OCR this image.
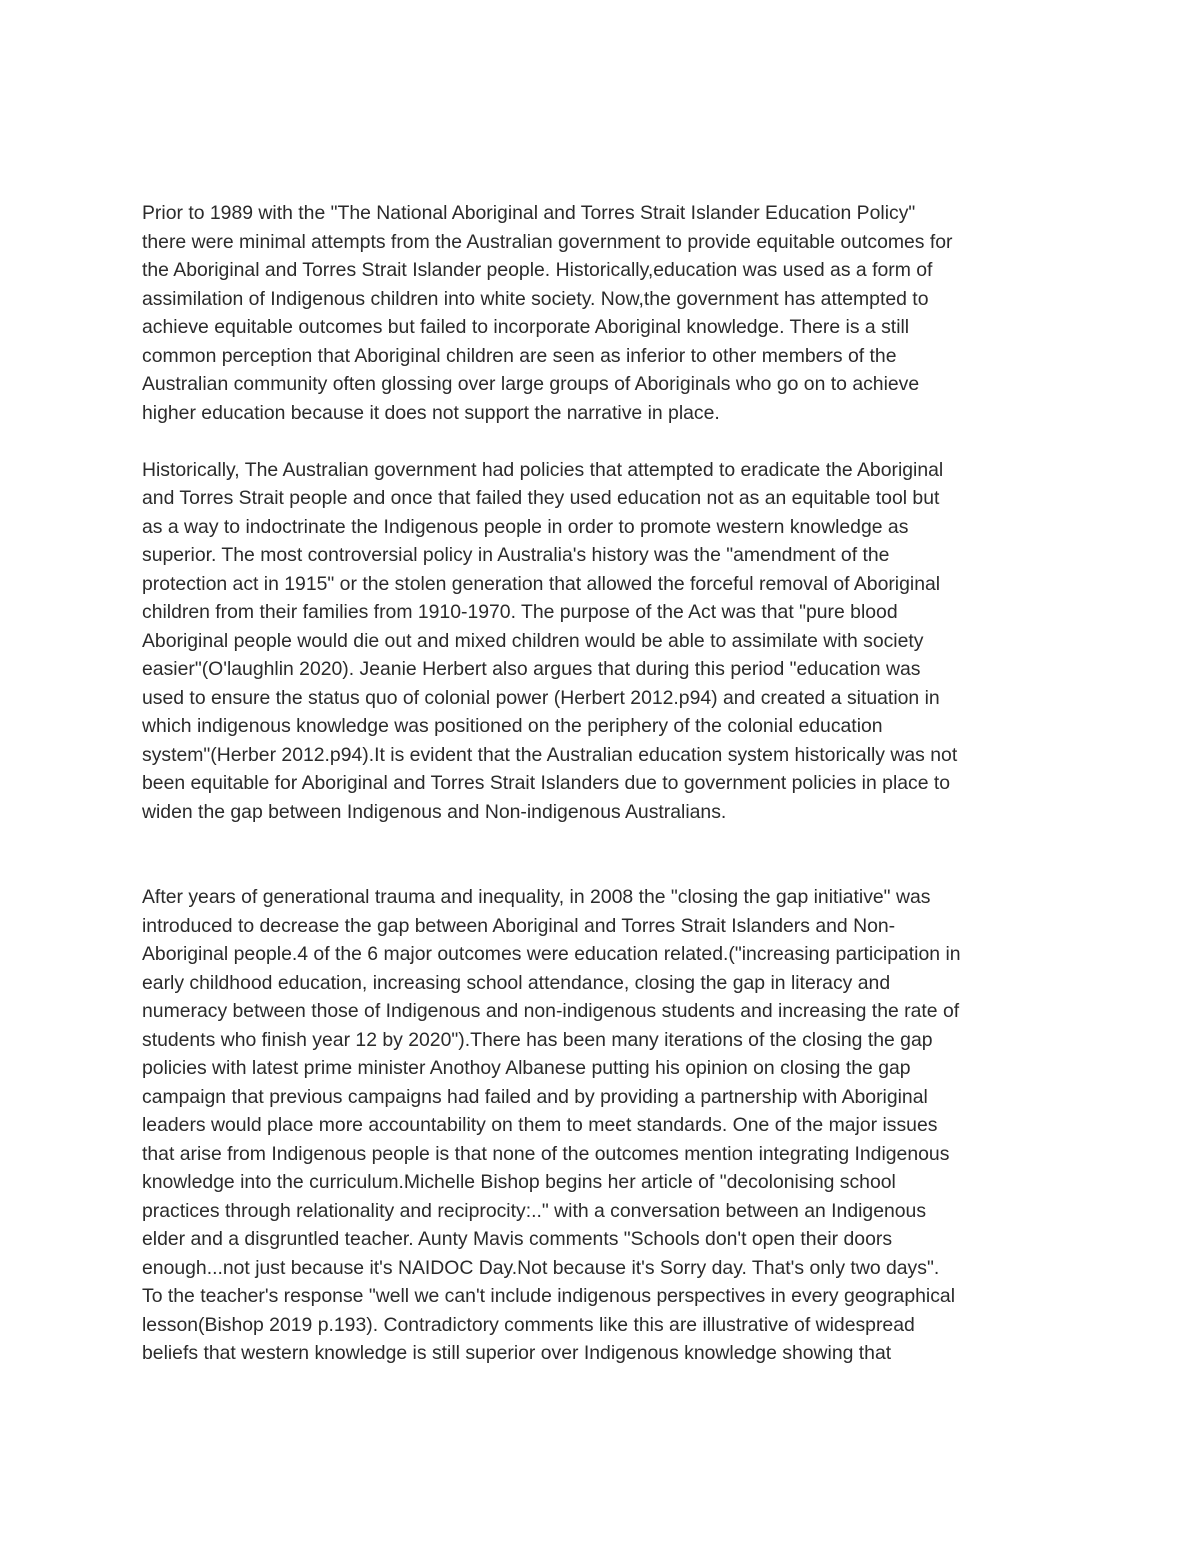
Prior to 1989 with the "The National Aboriginal and Torres Strait Islander Education Policy"
there were minimal attempts from the Australian government to provide equitable outcomes for
the Aboriginal and Torres Strait Islander people. Historically,education was used as a form of
assimilation of Indigenous children into white society. Now,the government has attempted to
achieve equitable outcomes but failed to incorporate Aboriginal knowledge. There is a still
common perception that Aboriginal children are seen as inferior to other members of the
Australian community often glossing over large groups of Aboriginals who go on to achieve
higher education because it does not support the narrative in place.

Historically, The Australian government had policies that attempted to eradicate the Aboriginal
and Torres Strait people and once that failed they used education not as an equitable tool but
as a way to indoctrinate the Indigenous people in order to promote western knowledge as
superior. The most controversial policy in Australia's history was the "amendment of the
protection act in 1915" or the stolen generation that allowed the forceful removal of Aboriginal
children from their families from 1910-1970. The purpose of the Act was that "pure blood
Aboriginal people would die out and mixed children would be able to assimilate with society
easier"(O'laughlin 2020). Jeanie Herbert also argues that during this period "education was
used to ensure the status quo of colonial power (Herbert 2012.p94) and created a situation in
which indigenous knowledge was positioned on the periphery of the colonial education
system"(Herber 2012.p94).It is evident that the Australian education system historically was not
been equitable for Aboriginal and Torres Strait Islanders due to government policies in place to
widen the gap between Indigenous and Non-indigenous Australians.

After years of generational trauma and inequality, in 2008 the "closing the gap initiative" was
introduced to decrease the gap between Aboriginal and Torres Strait Islanders and Non-
Aboriginal people.4 of the 6 major outcomes were education related.("increasing participation in
early childhood education, increasing school attendance, closing the gap in literacy and
numeracy between those of Indigenous and non-indigenous students and increasing the rate of
students who finish year 12 by 2020").There has been many iterations of the closing the gap
policies with latest prime minister Anothoy Albanese putting his opinion on closing the gap
campaign that previous campaigns had failed and by providing a partnership with Aboriginal
leaders would place more accountability on them to meet standards. One of the major issues
that arise from Indigenous people is that none of the outcomes mention integrating Indigenous
knowledge into the curriculum.Michelle Bishop begins her article of "decolonising school
practices through relationality and reciprocity:.." with a conversation between an Indigenous
elder and a disgruntled teacher. Aunty Mavis comments "Schools don't open their doors
enough...not just because it's NAIDOC Day.Not because it's Sorry day. That's only two days".
To the teacher's response "well we can't include indigenous perspectives in every geographical
lesson(Bishop 2019 p.193). Contradictory comments like this are illustrative of widespread
beliefs that western knowledge is still superior over Indigenous knowledge showing that
